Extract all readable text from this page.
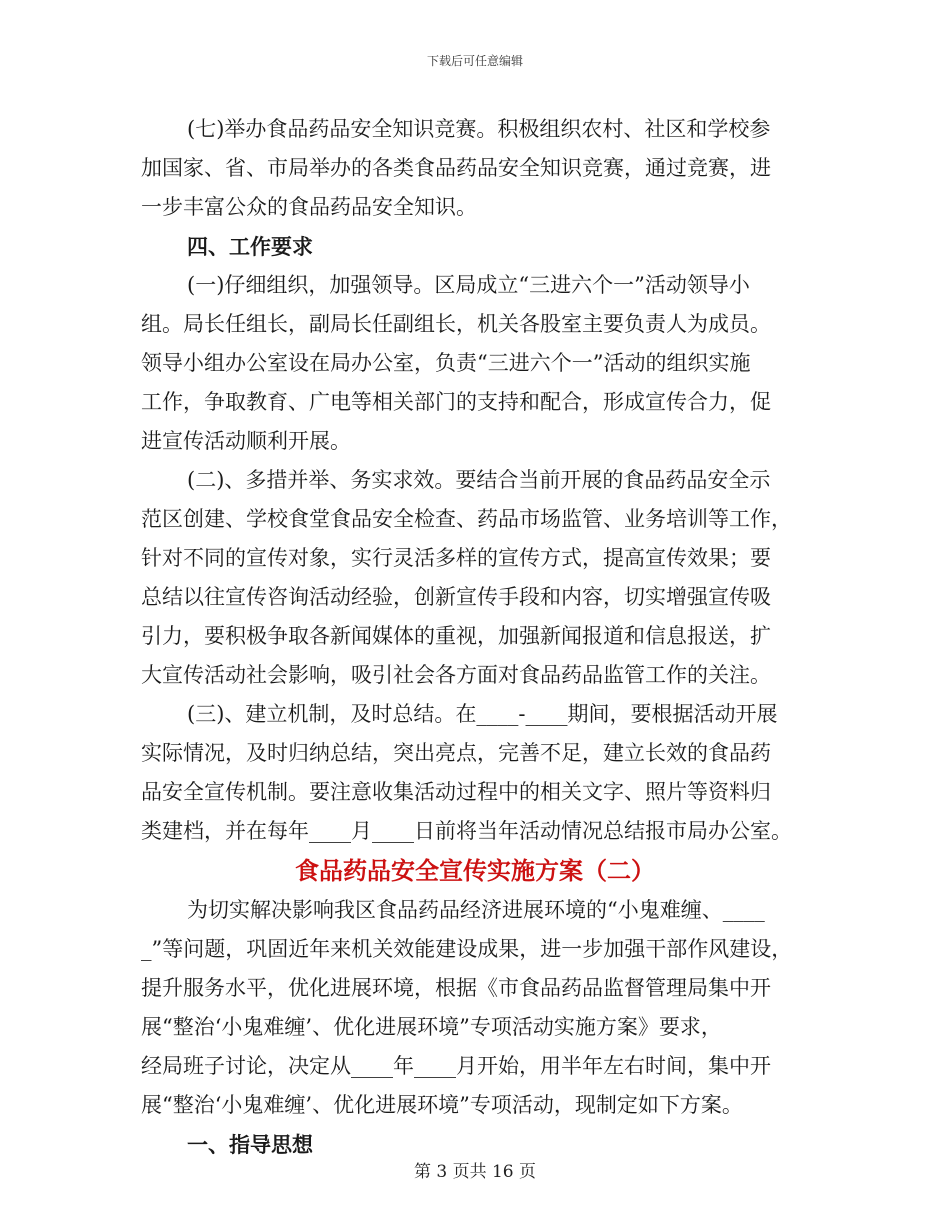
下载后可任意编辑
(七)举办食品药品安全知识竞赛。积极组织农村、社区和学校参
加国家、省、市局举办的各类食品药品安全知识竞赛，通过竞赛，进
一步丰富公众的食品药品安全知识。
四、工作要求
(一)仔细组织，加强领导。区局成立“三进六个一”活动领导小
组。局长任组长，副局长任副组长，机关各股室主要负责人为成员。
领导小组办公室设在局办公室，负责“三进六个一”活动的组织实施
工作，争取教育、广电等相关部门的支持和配合，形成宣传合力，促
进宣传活动顺利开展。
(二)、多措并举、务实求效。要结合当前开展的食品药品安全示
范区创建、学校食堂食品安全检查、药品市场监管、业务培训等工作，
针对不同的宣传对象，实行灵活多样的宣传方式，提高宣传效果；要
总结以往宣传咨询活动经验，创新宣传手段和内容，切实增强宣传吸
引力，要积极争取各新闻媒体的重视，加强新闻报道和信息报送，扩
大宣传活动社会影响，吸引社会各方面对食品药品监管工作的关注。
(三)、建立机制，及时总结。在____-____期间，要根据活动开展
实际情况，及时归纳总结，突出亮点，完善不足，建立长效的食品药
品安全宣传机制。要注意收集活动过程中的相关文字、照片等资料归
类建档，并在每年____月____日前将当年活动情况总结报市局办公室。
食品药品安全宣传实施方案（二）
为切实解决影响我区食品药品经济进展环境的“小鬼难缠、____
_”等问题，巩固近年来机关效能建设成果，进一步加强干部作风建设，
提升服务水平，优化进展环境，根据《市食品药品监督管理局集中开
展“整治‘小鬼难缠’、优化进展环境”专项活动实施方案》要求，
经局班子讨论，决定从____年____月开始，用半年左右时间，集中开
展“整治‘小鬼难缠’、优化进展环境”专项活动，现制定如下方案。
一、指导思想
第 3 页共 16 页
